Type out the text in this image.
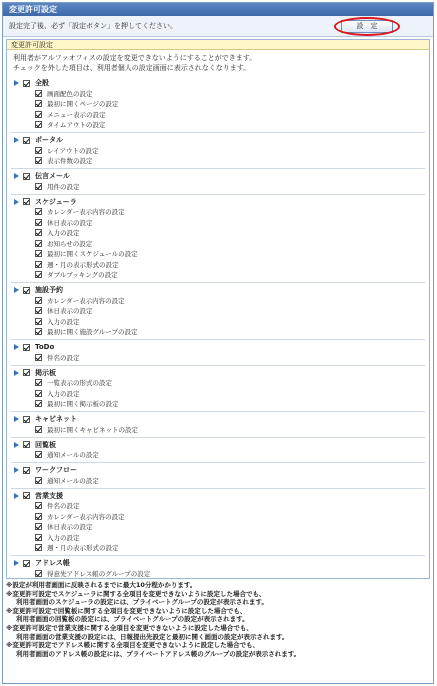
変更許可設定
設定完了後、必ず「設定ボタン」を押してください。	設　定
変更許可設定
利用者がアルファオフィスの設定を変更できないようにすることができます。
チェックを外した項目は、利用者個人の設定画面に表示されなくなります。
全般
画面配色の設定
最初に開くページの設定
メニュー表示の設定
タイムアウトの設定
ポータル
レイアウトの設定
表示件数の設定
伝言メール
用件の設定
スケジューラ
カレンダー表示内容の設定
休日表示の設定
入力の設定
お知らせの設定
最初に開くスケジュールの設定
週・月の表示形式の設定
ダブルブッキングの設定
施設予約
カレンダー表示内容の設定
休日表示の設定
入力の設定
最初に開く施設グループの設定
ToDo
件名の設定
掲示板
一覧表示の形式の設定
入力の設定
最初に開く掲示板の設定
キャビネット
最初に開くキャビネットの設定
回覧板
通知メールの設定
ワークフロー
通知メールの設定
営業支援
件名の設定
カレンダー表示内容の設定
休日表示の設定
入力の設定
週・月の表示形式の設定
アドレス帳
得意先アドレス帳のグループの設定
※設定が利用者画面に反映されるまでに最大10分程かかります。
※変更許可設定でスケジューラに関する全項目を変更できないように設定した場合でも、
利用者画面のスケジューラの設定には、プライベートグループの設定が表示されます。
※変更許可設定で回覧板に関する全項目を変更できないように設定した場合でも、
利用者画面の回覧板の設定には、プライベートグループの設定が表示されます。
※変更許可設定で営業支援に関する全項目を変更できないように設定した場合でも、
利用者画面の営業支援の設定には、日報提出先設定と最初に開く画面の設定が表示されます。
※変更許可設定でアドレス帳に関する全項目を変更できないように設定した場合でも、
利用者画面のアドレス帳の設定には、プライベートアドレス帳のグループの設定が表示されます。
